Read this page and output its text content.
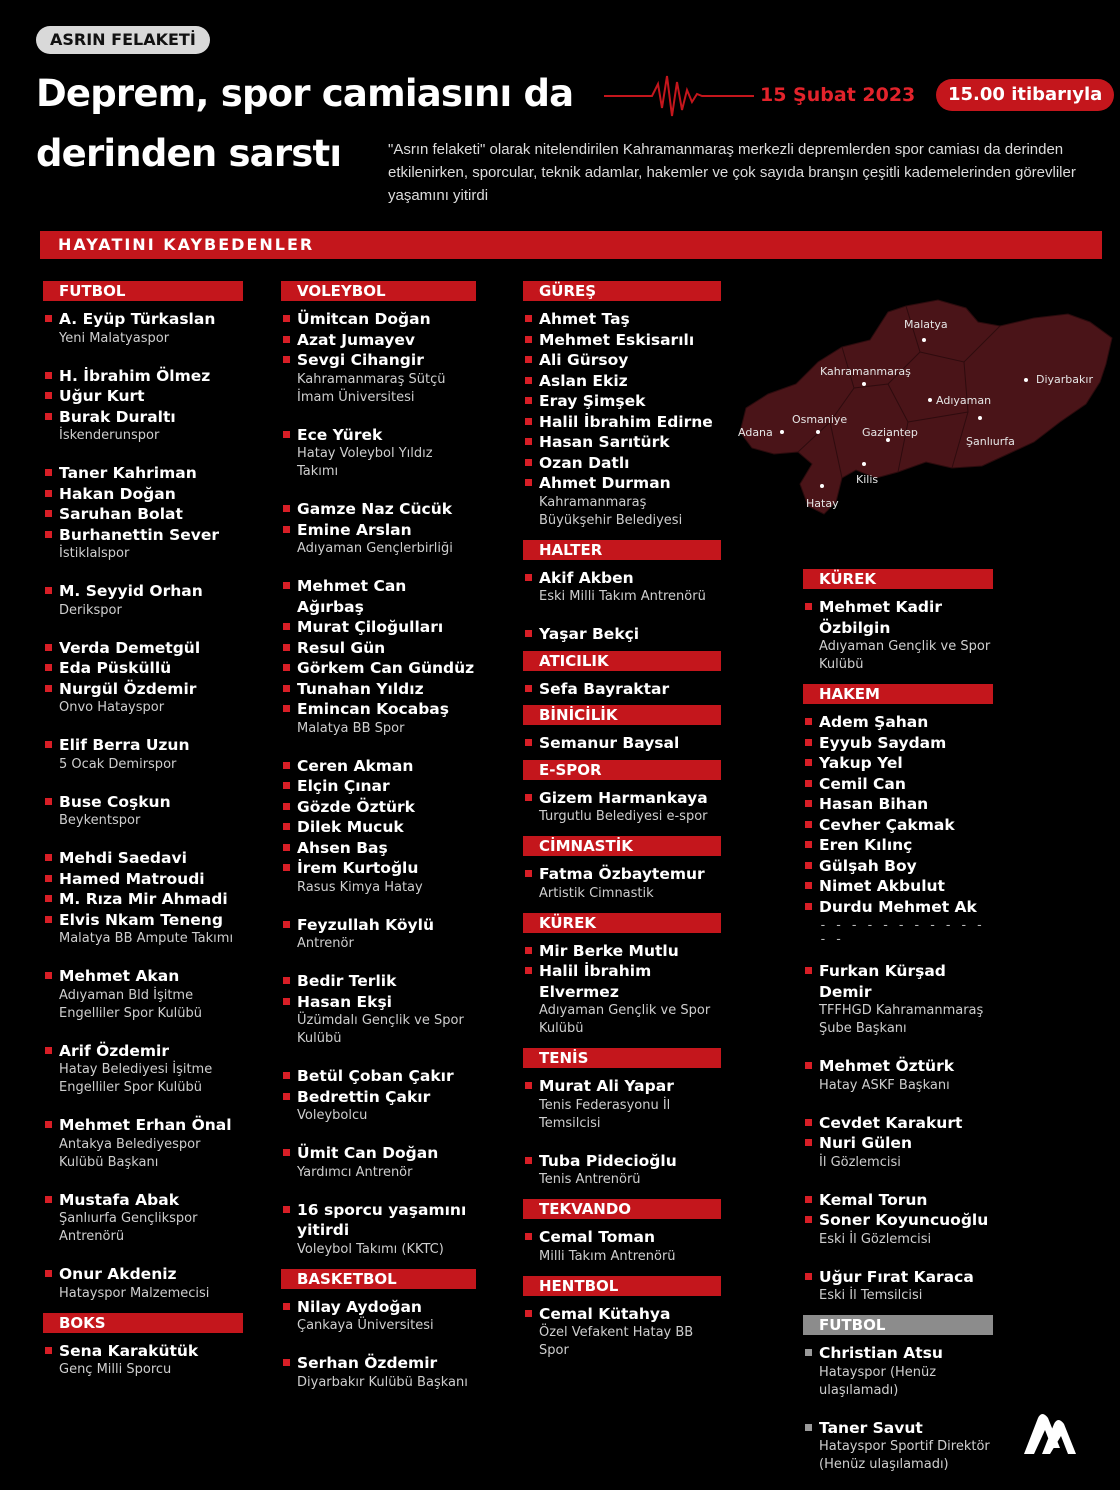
ASRIN FELAKETİ
Deprem, spor camiasını da
derinden sarstı
15 Şubat 2023	15.00 itibarıyla
"Asrın felaketi" olarak nitelendirilen Kahramanmaraş merkezli depremlerden spor camiası da derinden etkilenirken, sporcular, teknik adamlar, hakemler ve çok sayıda branşın çeşitli kademelerinden görevliler yaşamını yitirdi
HAYATINI KAYBEDENLER
Malatya
Kahramanmaraş
Diyarbakır
Adıyaman
Osmaniye
Gaziantep
Adana
Şanlıurfa
Kilis
Hatay
FUTBOL
A. Eyüp Türkaslan
Yeni Malatyaspor
H. İbrahim Ölmez
Uğur Kurt
Burak Duraltı
İskenderunspor
Taner Kahriman
Hakan Doğan
Saruhan Bolat
Burhanettin Sever
İstiklalspor
M. Seyyid Orhan
Derikspor
Verda Demetgül
Eda Püsküllü
Nurgül Özdemir
Onvo Hatayspor
Elif Berra Uzun
5 Ocak Demirspor
Buse Coşkun
Beykentspor
Mehdi Saedavi
Hamed Matroudi
M. Rıza Mir Ahmadi
Elvis Nkam Teneng
Malatya BB Ampute Takımı
Mehmet Akan
Adıyaman Bld İşitme Engelliler Spor Kulübü
Arif Özdemir
Hatay Belediyesi İşitme Engelliler Spor Kulübü
Mehmet Erhan Önal
Antakya Belediyespor Kulübü Başkanı
Mustafa Abak
Şanlıurfa Gençlikspor Antrenörü
Onur Akdeniz
Hatayspor Malzemecisi
BOKS
Sena Karakütük
Genç Milli Sporcu
VOLEYBOL
Ümitcan Doğan
Azat Jumayev
Sevgi Cihangir
Kahramanmaraş Sütçü İmam Üniversitesi
Ece Yürek
Hatay Voleybol Yıldız Takımı
Gamze Naz Cücük
Emine Arslan
Adıyaman Gençlerbirliği
Mehmet Can Ağırbaş
Murat Çiloğulları
Resul Gün
Görkem Can Gündüz
Tunahan Yıldız
Emincan Kocabaş
Malatya BB Spor
Ceren Akman
Elçin Çınar
Gözde Öztürk
Dilek Mucuk
Ahsen Baş
İrem Kurtoğlu
Rasus Kimya Hatay
Feyzullah Köylü
Antrenör
Bedir Terlik
Hasan Ekşi
Üzümdalı Gençlik ve Spor Kulübü
Betül Çoban Çakır
Bedrettin Çakır
Voleybolcu
Ümit Can Doğan
Yardımcı Antrenör
16 sporcu yaşamını yitirdi
Voleybol Takımı (KKTC)
BASKETBOL
Nilay Aydoğan
Çankaya Üniversitesi
Serhan Özdemir
Diyarbakır Kulübü Başkanı
GÜREŞ
Ahmet Taş
Mehmet Eskisarılı
Ali Gürsoy
Aslan Ekiz
Eray Şimşek
Halil İbrahim Edirne
Hasan Sarıtürk
Ozan Datlı
Ahmet Durman
Kahramanmaraş Büyükşehir Belediyesi
HALTER
Akif Akben
Eski Milli Takım Antrenörü
Yaşar Bekçi
ATICILIK
Sefa Bayraktar
BİNİCİLİK
Semanur Baysal
E-SPOR
Gizem Harmankaya
Turgutlu Belediyesi e-spor
CİMNASTİK
Fatma Özbaytemur
Artistik Cimnastik
KÜREK
Mir Berke Mutlu
Halil İbrahim Elvermez
Adıyaman Gençlik ve Spor Kulübü
TENİS
Murat Ali Yapar
Tenis Federasyonu İl Temsilcisi
Tuba Pidecioğlu
Tenis Antrenörü
TEKVANDO
Cemal Toman
Milli Takım Antrenörü
HENTBOL
Cemal Kütahya
Özel Vefakent Hatay BB Spor
KÜREK
Mehmet Kadir Özbilgin
Adıyaman Gençlik ve Spor Kulübü
HAKEM
Adem Şahan
Eyyub Saydam
Yakup Yel
Cemil Can
Hasan Bihan
Cevher Çakmak
Eren Kılınç
Gülşah Boy
Nimet Akbulut
Durdu Mehmet Ak
- - - - - - - - - - - - -
Furkan Kürşad Demir
TFFHGD Kahramanmaraş Şube Başkanı
Mehmet Öztürk
Hatay ASKF Başkanı
Cevdet Karakurt
Nuri Gülen
İl Gözlemcisi
Kemal Torun
Soner Koyuncuoğlu
Eski İl Gözlemcisi
Uğur Fırat Karaca
Eski İl Temsilcisi
FUTBOL
Christian Atsu
Hatayspor (Henüz ulaşılamadı)
Taner Savut
Hatayspor Sportif Direktör (Henüz ulaşılamadı)
